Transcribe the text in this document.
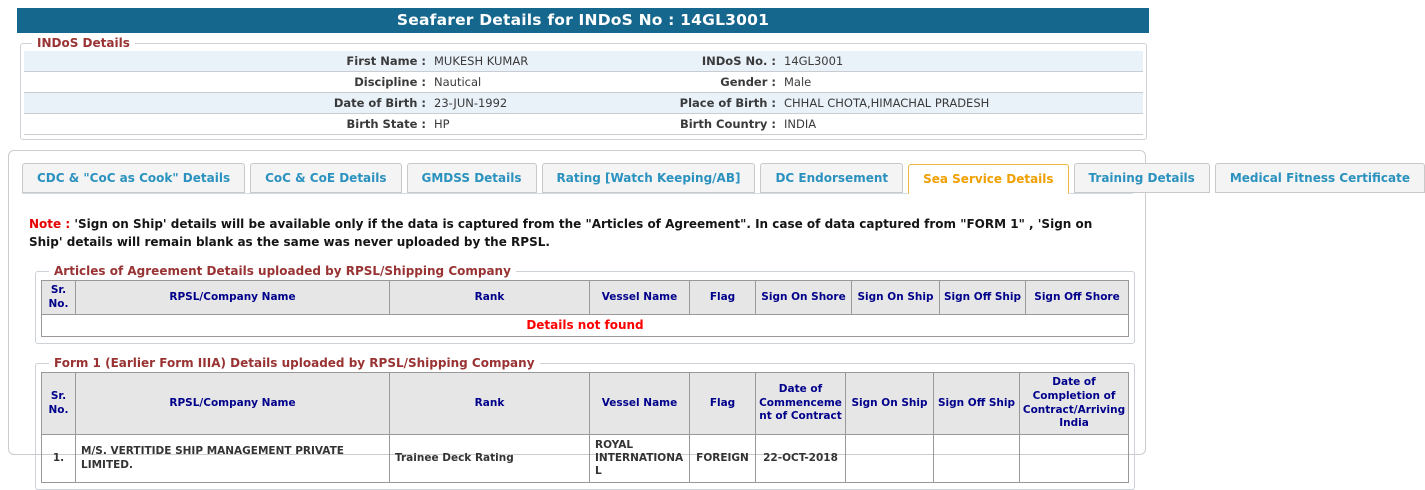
Seafarer Details for INDoS No : 14GL3001
INDoS Details
First Name : MUKESH KUMAR	INDoS No. : 14GL3001
Discipline : Nautical	Gender : Male
Date of Birth : 23-JUN-1992	Place of Birth : CHHAL CHOTA,HIMACHAL PRADESH
Birth State : HP	Birth Country : INDIA
CDC & "CoC as Cook" Details	CoC & CoE Details	GMDSS Details	Rating [Watch Keeping/AB]	DC Endorsement	Sea Service Details	Training Details	Medical Fitness Certificate
Note : 'Sign on Ship' details will be available only if the data is captured from the "Articles of Agreement". In case of data captured from "FORM 1" , 'Sign on Ship' details will remain blank as the same was never uploaded by the RPSL.
Articles of Agreement Details uploaded by RPSL/Shipping Company
Sr. No.	RPSL/Company Name	Rank	Vessel Name	Flag	Sign On Shore	Sign On Ship	Sign Off Ship	Sign Off Shore
Details not found
Form 1 (Earlier Form IIIA) Details uploaded by RPSL/Shipping Company
Sr. No.	RPSL/Company Name	Rank	Vessel Name	Flag	Date of Commencement of Contract	Sign On Ship	Sign Off Ship	Date of Completion of Contract/Arriving India
1.	M/S. VERTITIDE SHIP MANAGEMENT PRIVATE LIMITED.	Trainee Deck Rating	ROYAL INTERNATIONAL	FOREIGN	22-OCT-2018			
